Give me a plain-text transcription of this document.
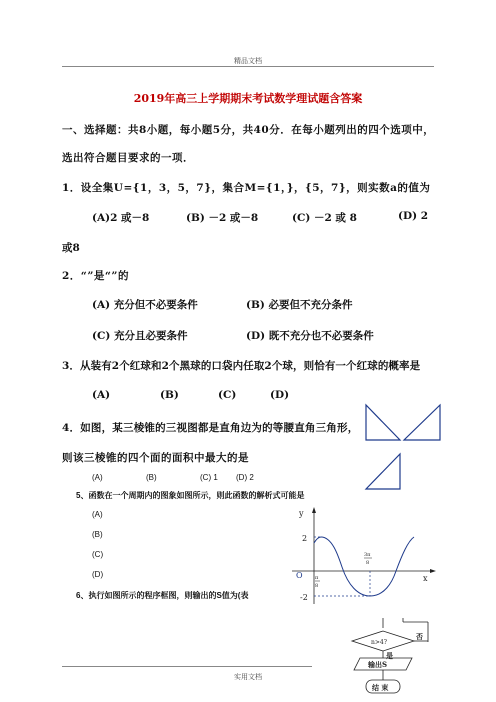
精品文档
2019年高三上学期期末考试数学理试题含答案
一、选择题：共8小题，每小题5分，共40分．在每小题列出的四个选项中，
选出符合题目要求的一项．
1．设全集U={1，3，5，7}，集合M={1，}，{5，7}，则实数a的值为
(A)2 或－8	(B) －2 或－8	(C) －2 或 8	(D) 2
或8
2．“”是“”的
(A) 充分但不必要条件	(B) 必要但不充分条件
(C) 充分且必要条件	(D) 既不充分也不必要条件
3．从装有2个红球和2个黑球的口袋内任取2个球，则恰有一个红球的概率是
(A)	(B)	(C)	(D)
4．如图，某三棱锥的三视图都是直角边为的等腰直角三角形，
则该三棱锥的四个面的面积中最大的是
(A)	(B)	(C) 1 (D) 2
5、函数在一个周期内的图象如图所示，则此函数的解析式可能是
(A)
(B)
(C)
(D)
6、执行如图所示的程序框图，则输出的S值为(表
y
x
O
2
-2
π
8
3π
8
n>4?
否
是
输出S
结 束
实用文档
